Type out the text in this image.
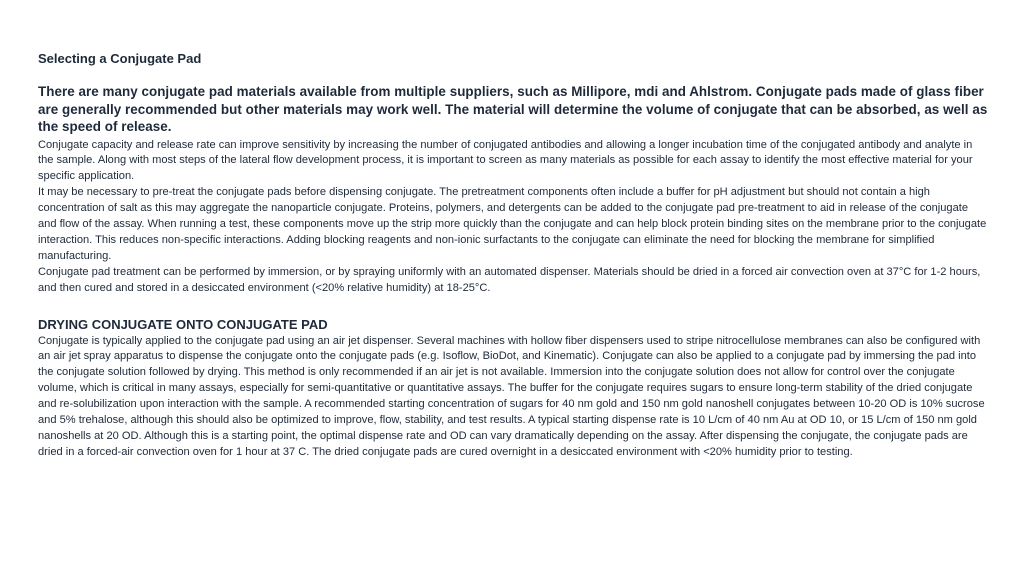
Selecting a Conjugate Pad

There are many conjugate pad materials available from multiple suppliers, such as Millipore, mdi and Ahlstrom. Conjugate pads made of glass fiber are generally recommended but other materials may work well. The material will determine the volume of conjugate that can be absorbed, as well as the speed of release.

Conjugate capacity and release rate can improve sensitivity by increasing the number of conjugated antibodies and allowing a longer incubation time of the conjugated antibody and analyte in the sample. Along with most steps of the lateral flow development process, it is important to screen as many materials as possible for each assay to identify the most effective material for your specific application.

It may be necessary to pre-treat the conjugate pads before dispensing conjugate. The pretreatment components often include a buffer for pH adjustment but should not contain a high concentration of salt as this may aggregate the nanoparticle conjugate. Proteins, polymers, and detergents can be added to the conjugate pad pre-treatment to aid in release of the conjugate and flow of the assay. When running a test, these components move up the strip more quickly than the conjugate and can help block protein binding sites on the membrane prior to the conjugate interaction. This reduces non-specific interactions. Adding blocking reagents and non-ionic surfactants to the conjugate can eliminate the need for blocking the membrane for simplified manufacturing.

Conjugate pad treatment can be performed by immersion, or by spraying uniformly with an automated dispenser. Materials should be dried in a forced air convection oven at 37°C for 1-2 hours, and then cured and stored in a desiccated environment (<20% relative humidity) at 18-25°C.

DRYING CONJUGATE ONTO CONJUGATE PAD

Conjugate is typically applied to the conjugate pad using an air jet dispenser. Several machines with hollow fiber dispensers used to stripe nitrocellulose membranes can also be configured with an air jet spray apparatus to dispense the conjugate onto the conjugate pads (e.g. Isoflow, BioDot, and Kinematic). Conjugate can also be applied to a conjugate pad by immersing the pad into the conjugate solution followed by drying. This method is only recommended if an air jet is not available. Immersion into the conjugate solution does not allow for control over the conjugate volume, which is critical in many assays, especially for semi-quantitative or quantitative assays. The buffer for the conjugate requires sugars to ensure long-term stability of the dried conjugate and re-solubilization upon interaction with the sample. A recommended starting concentration of sugars for 40 nm gold and 150 nm gold nanoshell conjugates between 10-20 OD is 10% sucrose and 5% trehalose, although this should also be optimized to improve, flow, stability, and test results. A typical starting dispense rate is 10 L/cm of 40 nm Au at OD 10, or 15 L/cm of 150 nm gold nanoshells at 20 OD. Although this is a starting point, the optimal dispense rate and OD can vary dramatically depending on the assay. After dispensing the conjugate, the conjugate pads are dried in a forced-air convection oven for 1 hour at 37 C. The dried conjugate pads are cured overnight in a desiccated environment with <20% humidity prior to testing.
